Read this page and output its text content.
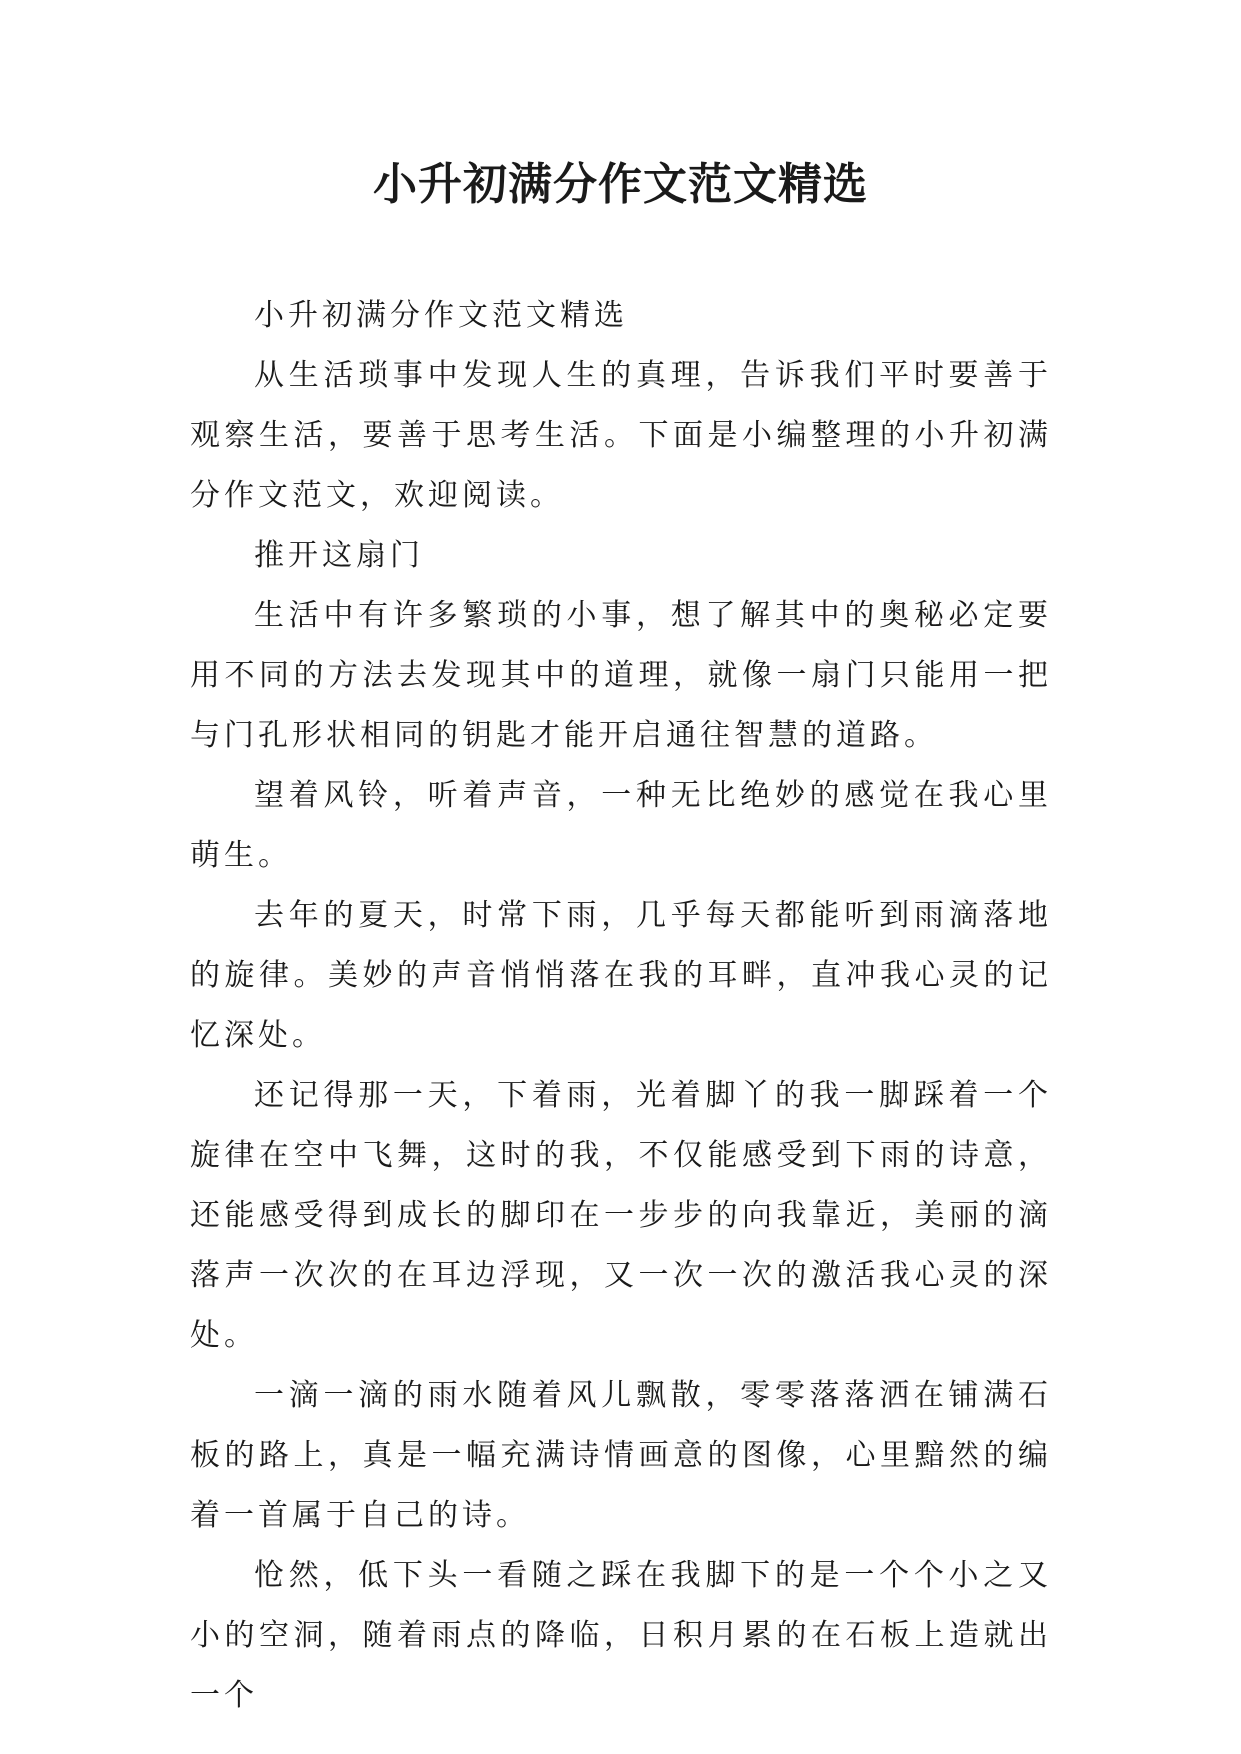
小升初满分作文范文精选

小升初满分作文范文精选

从生活琐事中发现人生的真理，告诉我们平时要善于观察生活，要善于思考生活。下面是小编整理的小升初满分作文范文，欢迎阅读。

推开这扇门

生活中有许多繁琐的小事，想了解其中的奥秘必定要用不同的方法去发现其中的道理，就像一扇门只能用一把与门孔形状相同的钥匙才能开启通往智慧的道路。

望着风铃，听着声音，一种无比绝妙的感觉在我心里萌生。

去年的夏天，时常下雨，几乎每天都能听到雨滴落地的旋律。美妙的声音悄悄落在我的耳畔，直冲我心灵的记忆深处。

还记得那一天，下着雨，光着脚丫的我一脚踩着一个旋律在空中飞舞，这时的我，不仅能感受到下雨的诗意，还能感受得到成长的脚印在一步步的向我靠近，美丽的滴落声一次次的在耳边浮现，又一次一次的激活我心灵的深处。

一滴一滴的雨水随着风儿飘散，零零落落洒在铺满石板的路上，真是一幅充满诗情画意的图像，心里黯然的编着一首属于自己的诗。

怆然，低下头一看随之踩在我脚下的是一个个小之又小的空洞，随着雨点的降临，日积月累的在石板上造就出一个
